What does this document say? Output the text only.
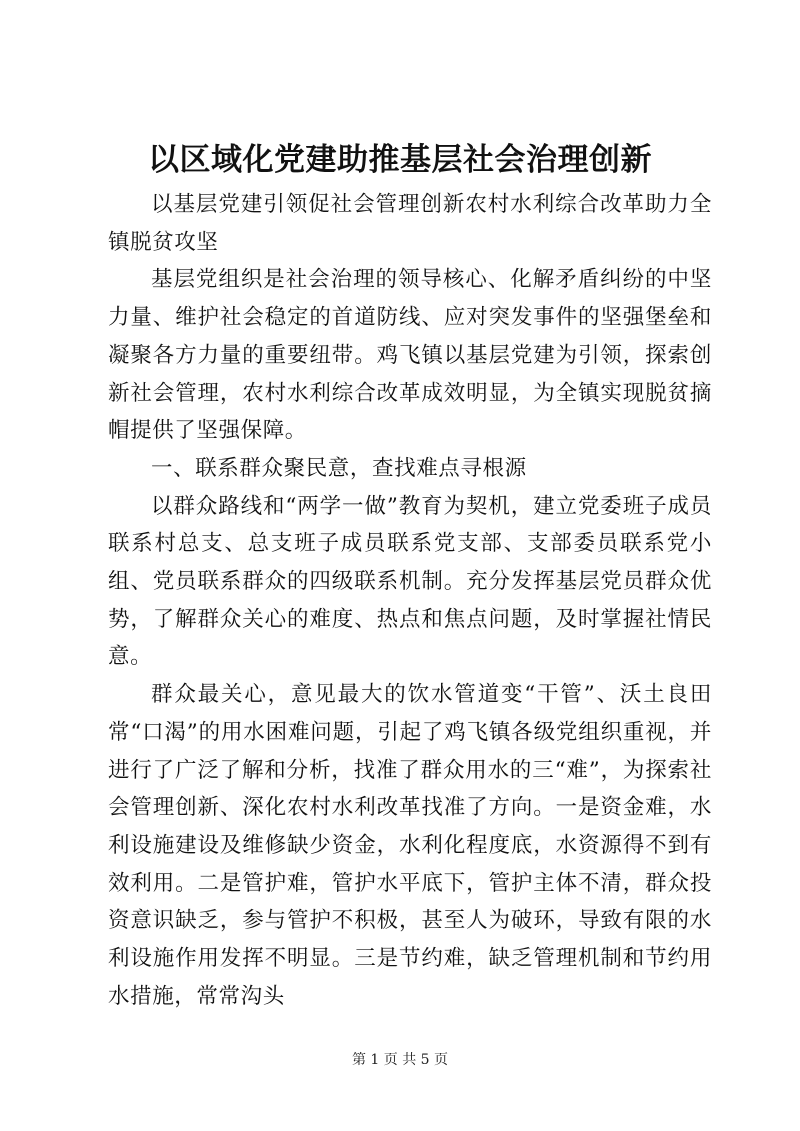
以区域化党建助推基层社会治理创新

以基层党建引领促社会管理创新农村水利综合改革助力全镇脱贫攻坚

基层党组织是社会治理的领导核心、化解矛盾纠纷的中坚力量、维护社会稳定的首道防线、应对突发事件的坚强堡垒和凝聚各方力量的重要纽带。鸡飞镇以基层党建为引领，探索创新社会管理，农村水利综合改革成效明显，为全镇实现脱贫摘帽提供了坚强保障。

一、联系群众聚民意，查找难点寻根源

以群众路线和“两学一做”教育为契机，建立党委班子成员联系村总支、总支班子成员联系党支部、支部委员联系党小组、党员联系群众的四级联系机制。充分发挥基层党员群众优势，了解群众关心的难度、热点和焦点问题，及时掌握社情民意。

群众最关心，意见最大的饮水管道变“干管”、沃土良田常“口渴”的用水困难问题，引起了鸡飞镇各级党组织重视，并进行了广泛了解和分析，找准了群众用水的三“难”，为探索社会管理创新、深化农村水利改革找准了方向。一是资金难，水利设施建设及维修缺少资金，水利化程度底，水资源得不到有效利用。二是管护难，管护水平底下，管护主体不清，群众投资意识缺乏，参与管护不积极，甚至人为破环，导致有限的水利设施作用发挥不明显。三是节约难，缺乏管理机制和节约用水措施，常常沟头

第 1 页 共 5 页
